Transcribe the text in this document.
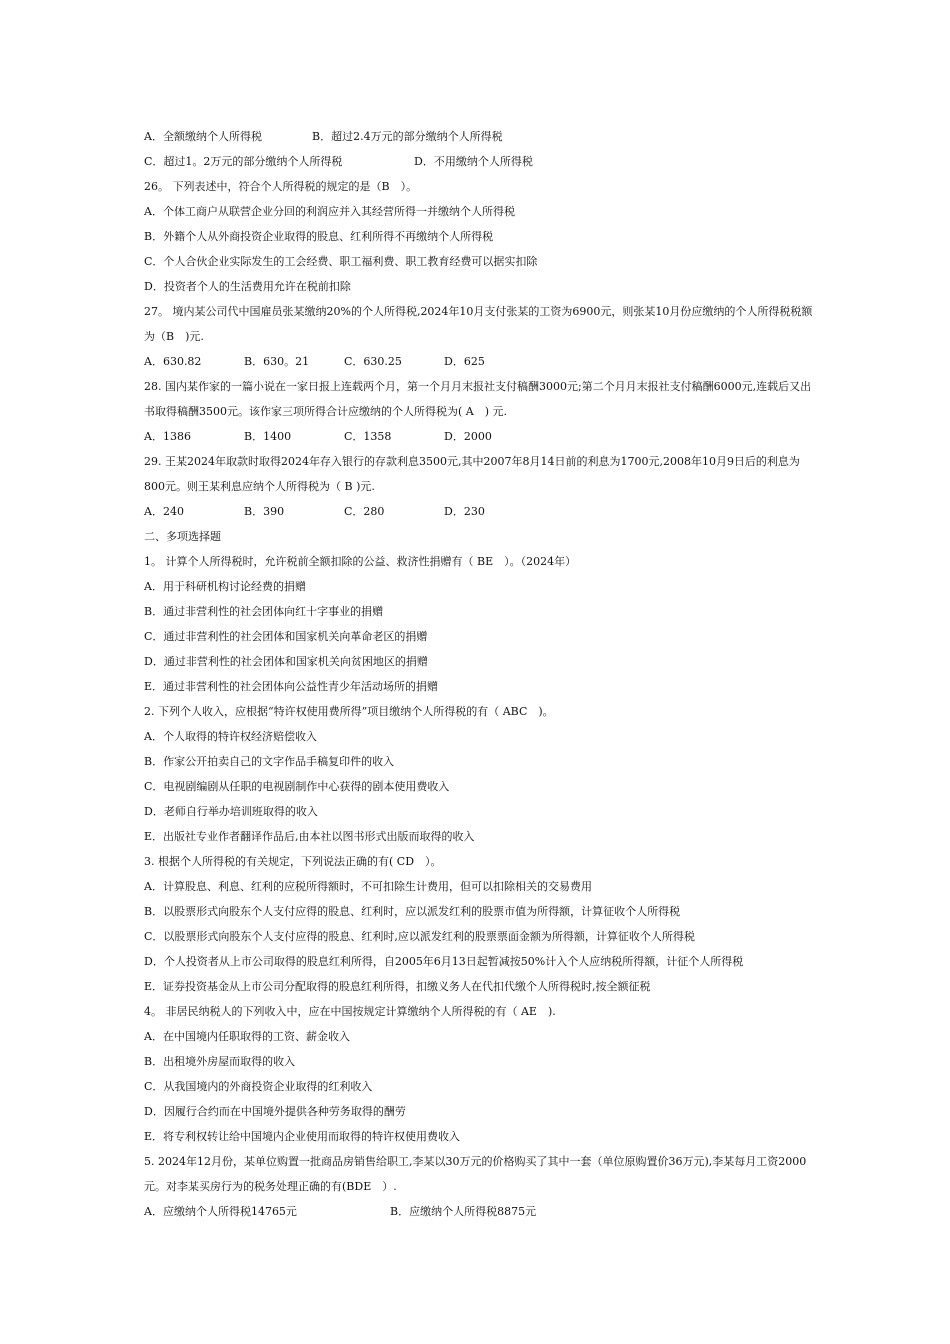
A．全额缴纳个人所得税	B．超过2.4万元的部分缴纳个人所得税
C．超过1。2万元的部分缴纳个人所得税	D．不用缴纳个人所得税
26。 下列表述中，符合个人所得税的规定的是（B　）。
A．个体工商户从联营企业分回的利润应并入其经营所得一并缴纳个人所得税
B．外籍个人从外商投资企业取得的股息、红利所得不再缴纳个人所得税
C．个人合伙企业实际发生的工会经费、职工福利费、职工教育经费可以据实扣除
D．投资者个人的生活费用允许在税前扣除
27。 境内某公司代中国雇员张某缴纳20%的个人所得税,2024年10月支付张某的工资为6900元，则张某10月份应缴纳的个人所得税税额为（B　)元.
A．630.82	B．630。21	C．630.25	D．625
28. 国内某作家的一篇小说在一家日报上连载两个月，第一个月月末报社支付稿酬3000元;第二个月月末报社支付稿酬6000元,连载后又出书取得稿酬3500元。该作家三项所得合计应缴纳的个人所得税为( A　) 元.
A．1386	B．1400	C．1358	D．2000
29. 王某2024年取款时取得2024年存入银行的存款利息3500元,其中2007年8月14日前的利息为1700元,2008年10月9日后的利息为800元。则王某利息应纳个人所得税为（ B )元.
A．240	B．390	C．280	D．230
二、多项选择题
1。 计算个人所得税时，允许税前全额扣除的公益、救济性捐赠有（ BE　）。（2024年）
A．用于科研机构讨论经费的捐赠
B．通过非营利性的社会团体向红十字事业的捐赠
C．通过非营利性的社会团体和国家机关向革命老区的捐赠
D．通过非营利性的社会团体和国家机关向贫困地区的捐赠
E．通过非营利性的社会团体向公益性青少年活动场所的捐赠
2. 下列个人收入，应根据“特许权使用费所得”项目缴纳个人所得税的有（ ABC　)。
A．个人取得的特许权经济赔偿收入
B．作家公开拍卖自己的文字作品手稿复印件的收入
C．电视剧编剧从任职的电视剧制作中心获得的剧本使用费收入
D．老师自行举办培训班取得的收入
E．出版社专业作者翻译作品后,由本社以图书形式出版而取得的收入
3. 根据个人所得税的有关规定，下列说法正确的有( CD　）。
A．计算股息、利息、红利的应税所得额时，不可扣除生计费用，但可以扣除相关的交易费用
B．以股票形式向股东个人支付应得的股息、红利时，应以派发红利的股票市值为所得额，计算征收个人所得税
C．以股票形式向股东个人支付应得的股息、红利时,应以派发红利的股票票面金额为所得额，计算征收个人所得税
D．个人投资者从上市公司取得的股息红利所得，自2005年6月13日起暂减按50%计入个人应纳税所得额，计征个人所得税
E．证券投资基金从上市公司分配取得的股息红利所得，扣缴义务人在代扣代缴个人所得税时,按全额征税
4。 非居民纳税人的下列收入中，应在中国按规定计算缴纳个人所得税的有（ AE　).
A．在中国境内任职取得的工资、薪金收入
B．出租境外房屋而取得的收入
C．从我国境内的外商投资企业取得的红利收入
D．因履行合约而在中国境外提供各种劳务取得的酬劳
E．将专利权转让给中国境内企业使用而取得的特许权使用费收入
5. 2024年12月份，某单位购置一批商品房销售给职工,李某以30万元的价格购买了其中一套（单位原购置价36万元),李某每月工资2000元。对李某买房行为的税务处理正确的有(BDE　）.
A．应缴纳个人所得税14765元	B．应缴纳个人所得税8875元
